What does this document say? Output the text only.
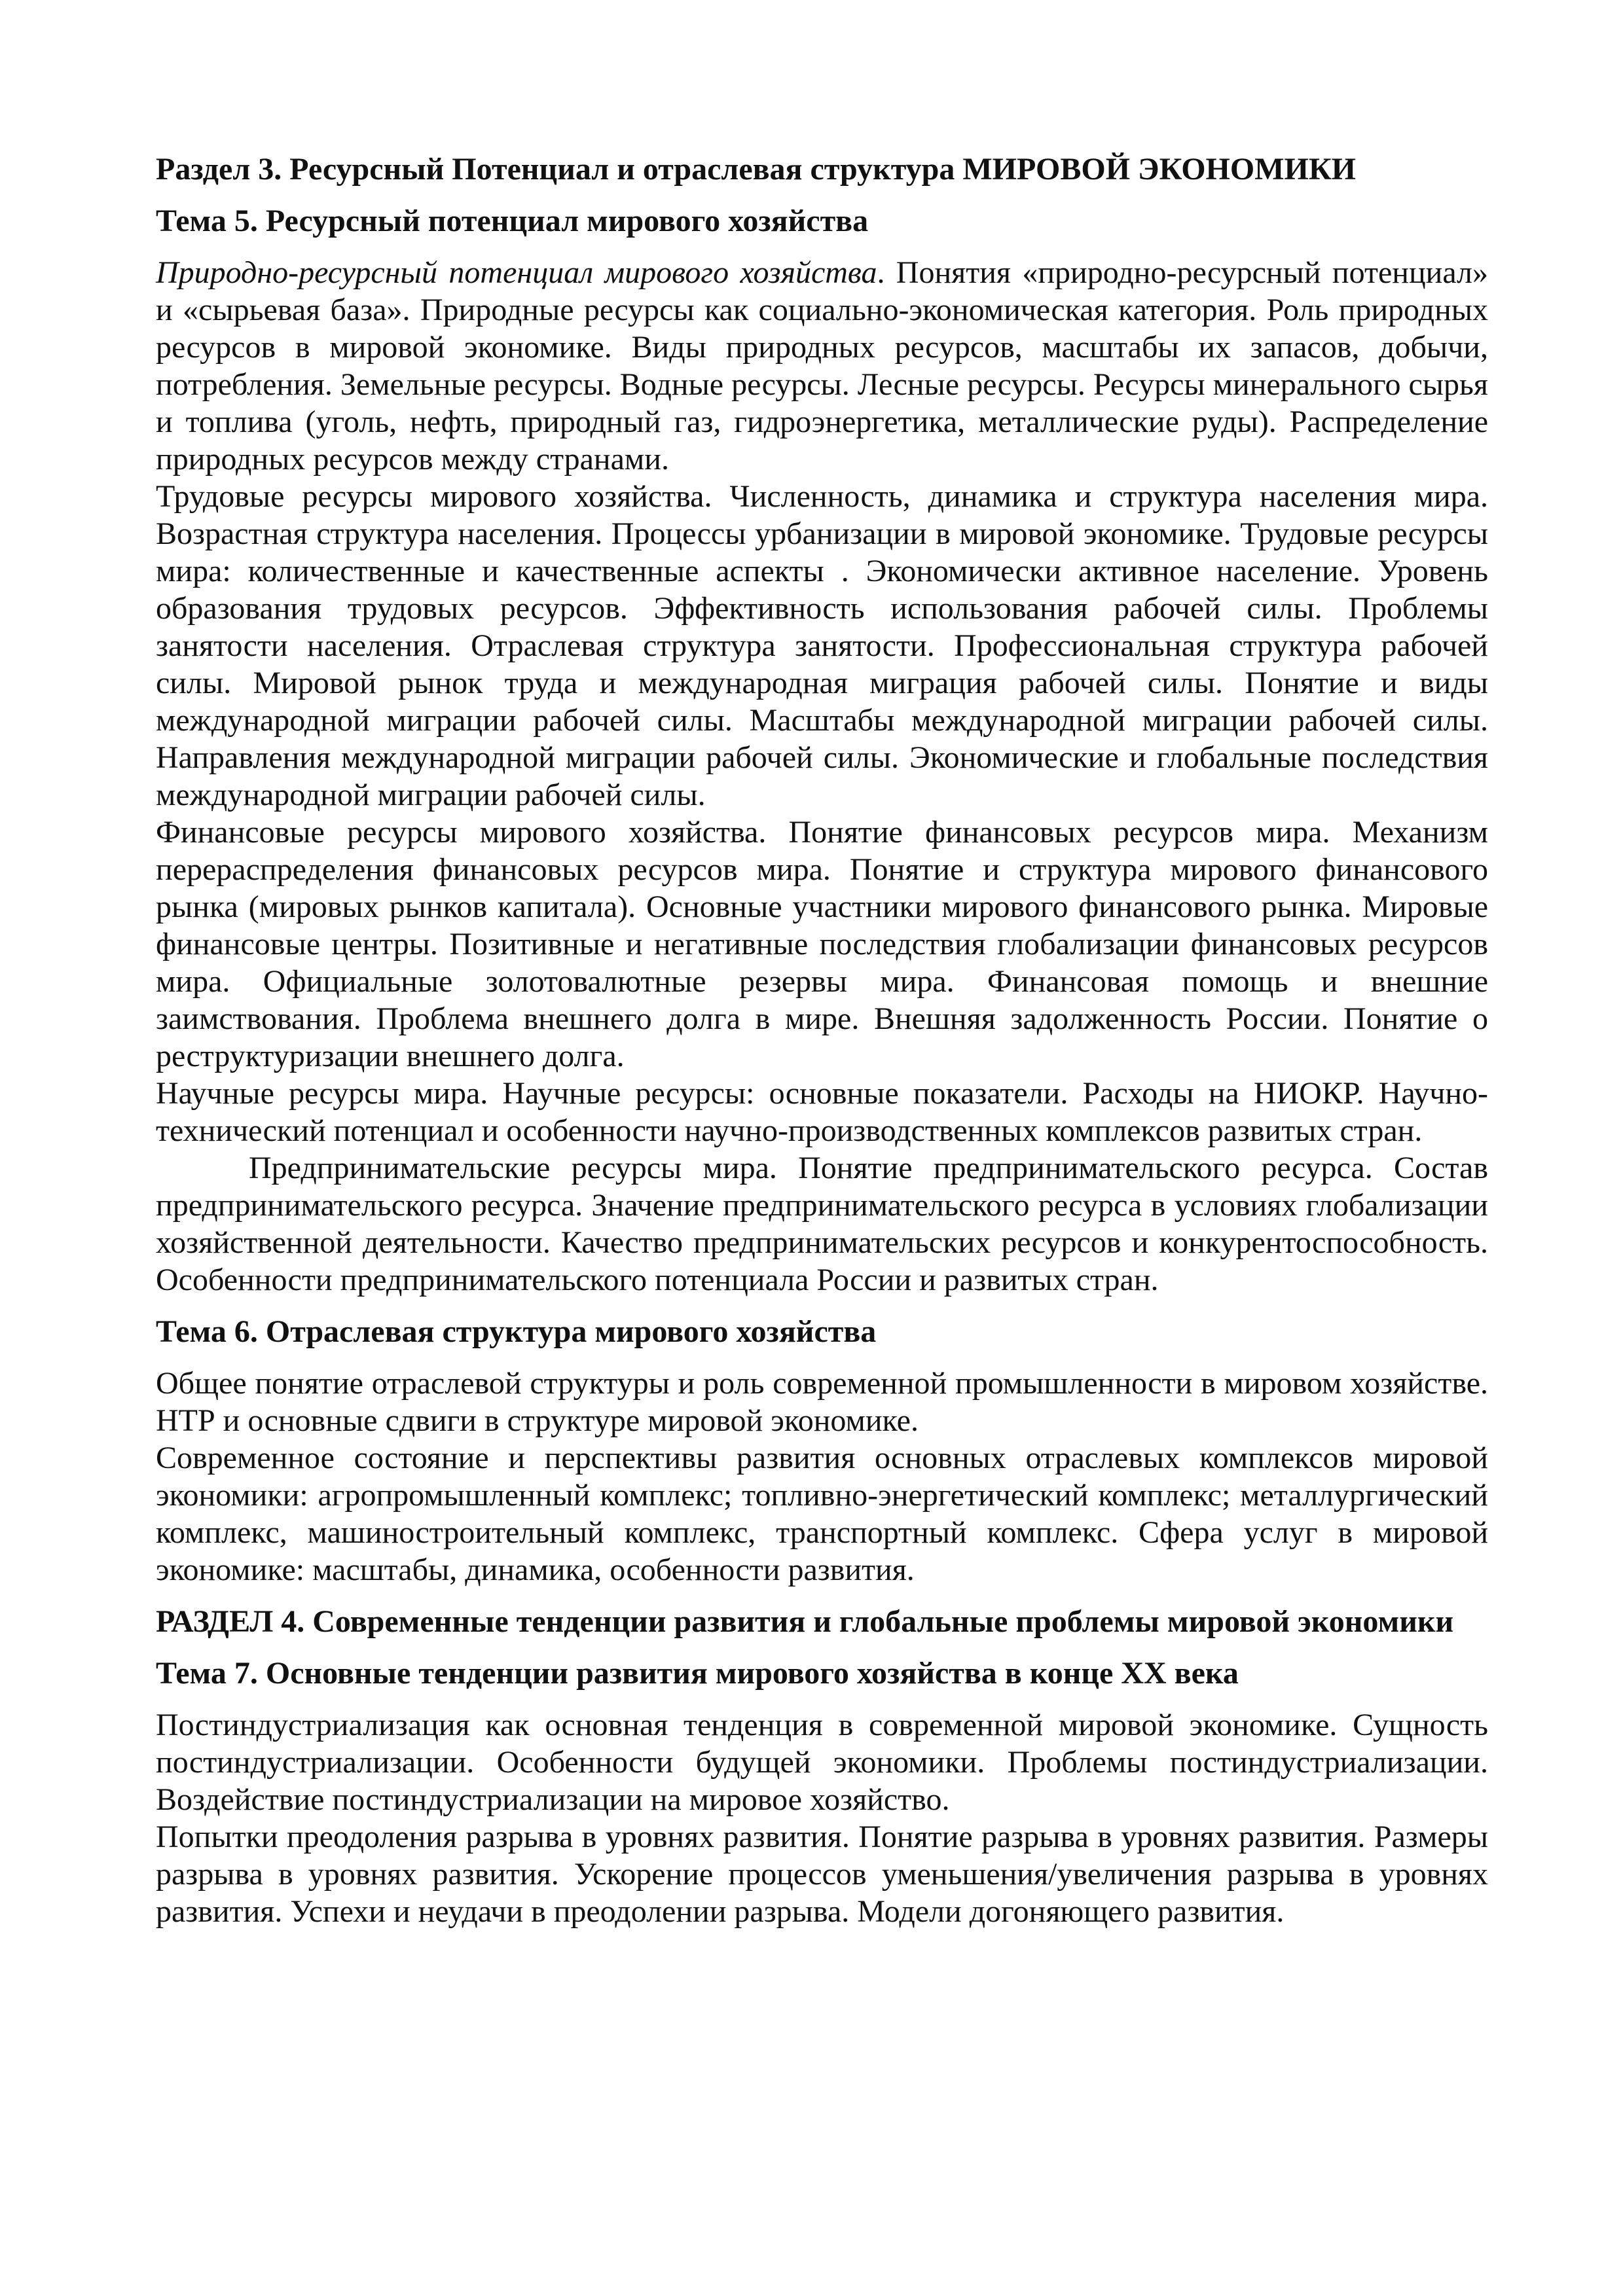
Раздел 3. Ресурсный Потенциал и отраслевая структура МИРОВОЙ ЭКОНОМИКИ

Тема 5. Ресурсный потенциал мирового хозяйства

Природно-ресурсный потенциал мирового хозяйства. Понятия «природно-ресурсный потенциал» и «сырьевая база». Природные ресурсы как социально-экономическая категория. Роль природных ресурсов в мировой экономике. Виды природных ресурсов, масштабы их запасов, добычи, потребления. Земельные ресурсы. Водные ресурсы. Лесные ресурсы. Ресурсы минерального сырья и топлива (уголь, нефть, природный газ, гидроэнергетика, металлические руды). Распределение природных ресурсов между странами.

Трудовые ресурсы мирового хозяйства. Численность, динамика и структура населения мира. Возрастная структура населения. Процессы урбанизации в мировой экономике. Трудовые ресурсы мира: количественные и качественные аспекты . Экономически активное население. Уровень образования трудовых ресурсов. Эффективность использования рабочей силы. Проблемы занятости населения. Отраслевая структура занятости. Профессиональная структура рабочей силы. Мировой рынок труда и международная миграция рабочей силы. Понятие и виды международной миграции рабочей силы. Масштабы международной миграции рабочей силы. Направления международной миграции рабочей силы. Экономические и глобальные последствия международной миграции рабочей силы.

Финансовые ресурсы мирового хозяйства. Понятие финансовых ресурсов мира. Механизм перераспределения финансовых ресурсов мира. Понятие и структура мирового финансового рынка (мировых рынков капитала). Основные участники мирового финансового рынка. Мировые финансовые центры. Позитивные и негативные последствия глобализации финансовых ресурсов мира. Официальные золотовалютные резервы мира. Финансовая помощь и внешние заимствования. Проблема внешнего долга в мире. Внешняя задолженность России. Понятие о реструктуризации внешнего долга.

Научные ресурсы мира. Научные ресурсы: основные показатели. Расходы на НИОКР. Научно-технический потенциал и особенности научно-производственных комплексов развитых стран.

Предпринимательские ресурсы мира. Понятие предпринимательского ресурса. Состав предпринимательского ресурса. Значение предпринимательского ресурса в условиях глобализации хозяйственной деятельности. Качество предпринимательских ресурсов и конкурентоспособность. Особенности предпринимательского потенциала России и развитых стран.

Тема 6. Отраслевая структура мирового хозяйства

Общее понятие отраслевой структуры и роль современной промышленности в мировом хозяйстве. НТР и основные сдвиги в структуре мировой экономике.

Современное состояние и перспективы развития основных отраслевых комплексов мировой экономики: агропромышленный комплекс; топливно-энергетический комплекс; металлургический комплекс, машиностроительный комплекс, транспортный комплекс. Сфера услуг в мировой экономике: масштабы, динамика, особенности развития.

РАЗДЕЛ 4. Современные тенденции развития и глобальные проблемы мировой экономики

Тема 7. Основные тенденции развития мирового хозяйства в конце XX века

Постиндустриализация как основная тенденция в современной мировой экономике. Сущность постиндустриализации. Особенности будущей экономики. Проблемы постиндустриализации. Воздействие постиндустриализации на мировое хозяйство.

Попытки преодоления разрыва в уровнях развития. Понятие разрыва в уровнях развития. Размеры разрыва в уровнях развития. Ускорение процессов уменьшения/увеличения разрыва в уровнях развития. Успехи и неудачи в преодолении разрыва. Модели догоняющего развития.
